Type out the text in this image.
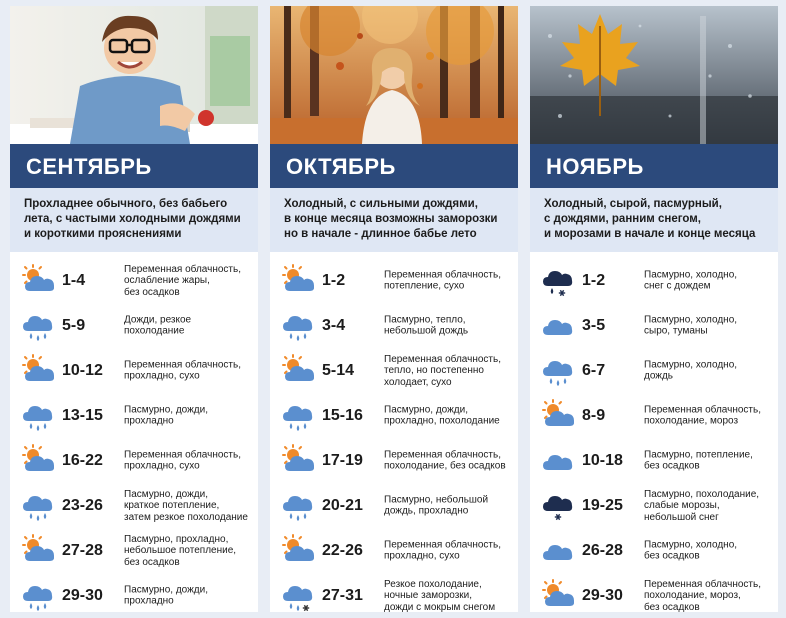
СЕНТЯБРЬ
Прохладнее обычного, без бабьего
лета, с частыми холодными дождями
и короткими прояснениями
1-4
Переменная облачность,
ослабление жары,
без осадков
5-9	Дожди, резкое
похолодание
10-12	Переменная облачность,
прохладно, сухо
13-15	Пасмурно, дожди,
прохладно
16-22	Переменная облачность,
прохладно, сухо
23-26
Пасмурно, дожди,
краткое потепление,
затем резкое похолодание
27-28
Пасмурно, прохладно,
небольшое потепление,
без осадков
29-30	Пасмурно, дожди,
прохладно
ОКТЯБРЬ
Холодный, с сильными дождями,
в конце месяца возможны заморозки
но в начале - длинное бабье лето
1-2	Переменная облачность,
потепление, сухо
3-4	Пасмурно, тепло,
небольшой дождь
5-14
Переменная облачность,
тепло, но постепенно
холодает, сухо
15-16	Пасмурно, дожди,
прохладно, похолодание
17-19	Переменная облачность,
похолодание, без осадков
20-21	Пасмурно, небольшой
дождь, прохладно
22-26	Переменная облачность,
прохладно, сухо
27-31
Резкое похолодание,
ночные заморозки,
дожди с мокрым снегом
НОЯБРЬ
Холодный, сырой, пасмурный,
с дождями, ранним снегом,
и морозами в начале и конце месяца
1-2	Пасмурно, холодно,
снег с дождем
3-5	Пасмурно, холодно,
сыро, туманы
6-7	Пасмурно, холодно,
дождь
8-9	Переменная облачность,
похолодание, мороз
10-18	Пасмурно, потепление,
без осадков
19-25
Пасмурно, похолодание,
слабые морозы,
небольшой снег
26-28	Пасмурно, холодно,
без осадков
29-30
Переменная облачность,
похолодание, мороз,
без осадков
